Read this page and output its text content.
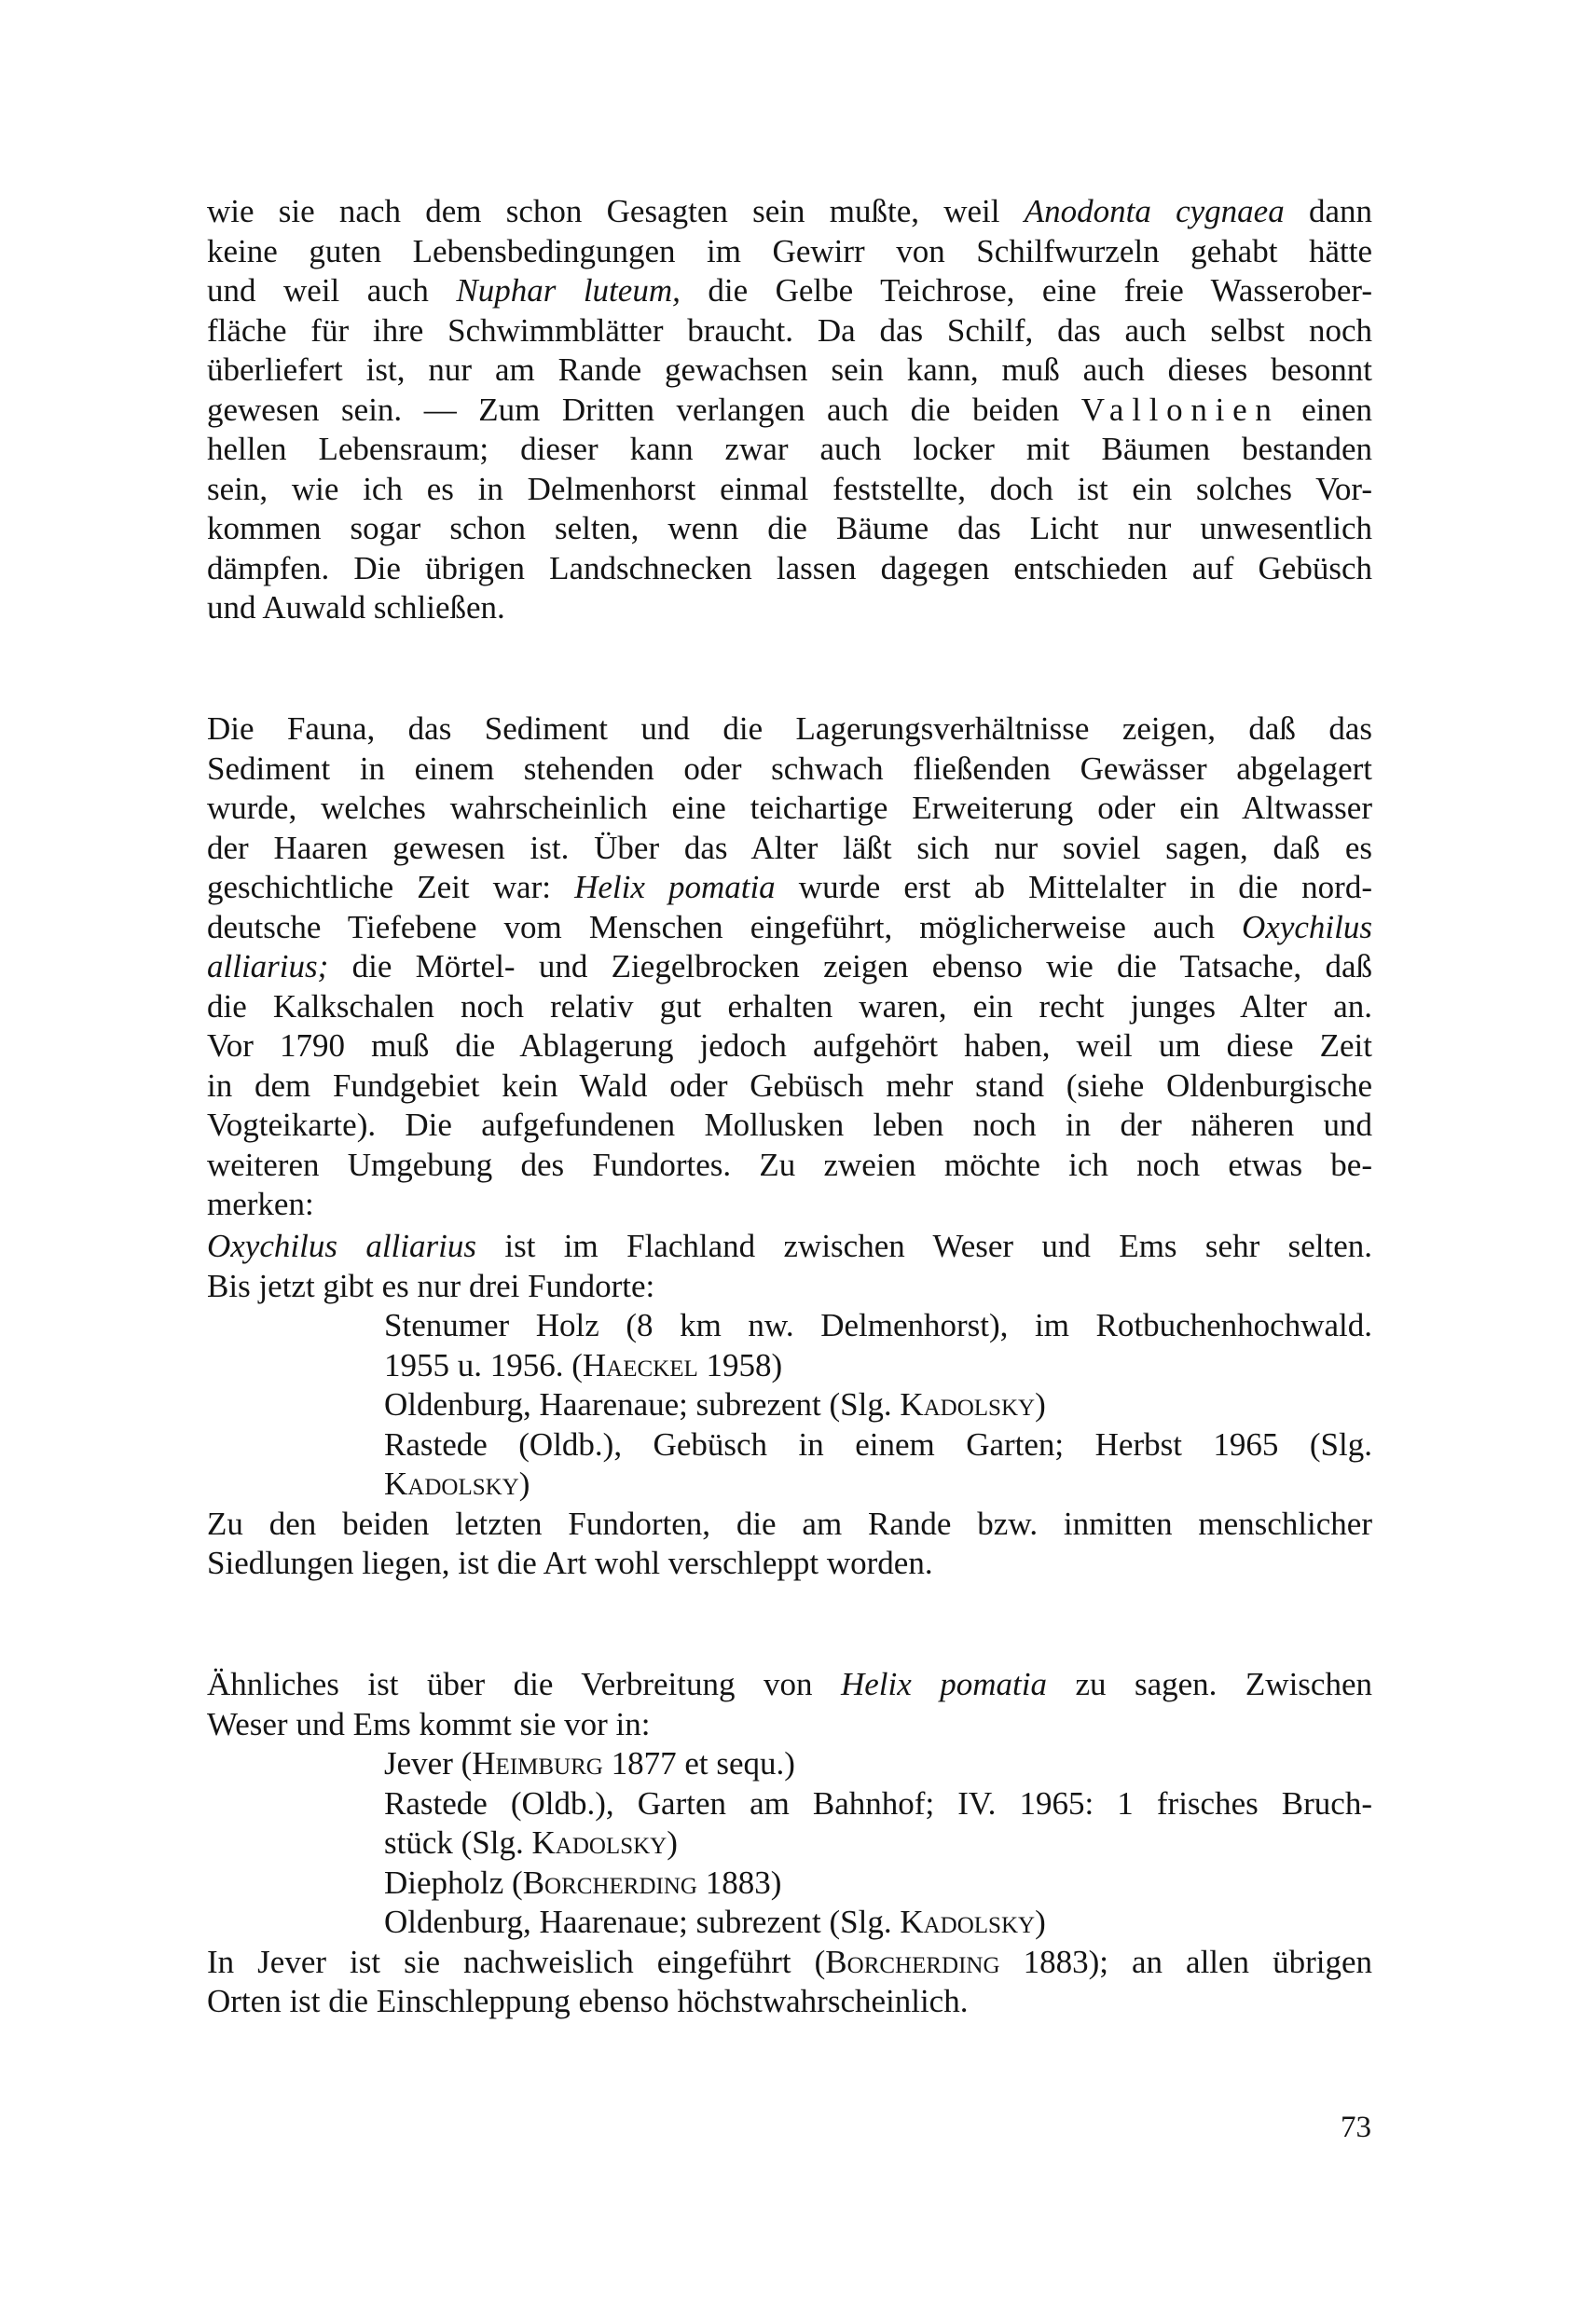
wie sie nach dem schon Gesagten sein mußte, weil Anodonta cygnaea dann
keine guten Lebensbedingungen im Gewirr von Schilfwurzeln gehabt hätte
und weil auch Nuphar luteum, die Gelbe Teichrose, eine freie Wasserober-
fläche für ihre Schwimmblätter braucht. Da das Schilf, das auch selbst noch
überliefert ist, nur am Rande gewachsen sein kann, muß auch dieses besonnt
gewesen sein. — Zum Dritten verlangen auch die beiden Vallonien einen
hellen Lebensraum; dieser kann zwar auch locker mit Bäumen bestanden
sein, wie ich es in Delmenhorst einmal feststellte, doch ist ein solches Vor-
kommen sogar schon selten, wenn die Bäume das Licht nur unwesentlich
dämpfen. Die übrigen Landschnecken lassen dagegen entschieden auf Gebüsch
und Auwald schließen.
Die Fauna, das Sediment und die Lagerungsverhältnisse zeigen, daß das
Sediment in einem stehenden oder schwach fließenden Gewässer abgelagert
wurde, welches wahrscheinlich eine teichartige Erweiterung oder ein Altwasser
der Haaren gewesen ist. Über das Alter läßt sich nur soviel sagen, daß es
geschichtliche Zeit war: Helix pomatia wurde erst ab Mittelalter in die nord-
deutsche Tiefebene vom Menschen eingeführt, möglicherweise auch Oxychilus
alliarius; die Mörtel- und Ziegelbrocken zeigen ebenso wie die Tatsache, daß
die Kalkschalen noch relativ gut erhalten waren, ein recht junges Alter an.
Vor 1790 muß die Ablagerung jedoch aufgehört haben, weil um diese Zeit
in dem Fundgebiet kein Wald oder Gebüsch mehr stand (siehe Oldenburgische
Vogteikarte). Die aufgefundenen Mollusken leben noch in der näheren und
weiteren Umgebung des Fundortes. Zu zweien möchte ich noch etwas be-
merken:
Oxychilus alliarius ist im Flachland zwischen Weser und Ems sehr selten.
Bis jetzt gibt es nur drei Fundorte:
Stenumer Holz (8 km nw. Delmenhorst), im Rotbuchenhochwald.
1955 u. 1956. (Haeckel 1958)
Oldenburg, Haarenaue; subrezent (Slg. Kadolsky)
Rastede (Oldb.), Gebüsch in einem Garten; Herbst 1965 (Slg.
Kadolsky)
Zu den beiden letzten Fundorten, die am Rande bzw. inmitten menschlicher
Siedlungen liegen, ist die Art wohl verschleppt worden.
Ähnliches ist über die Verbreitung von Helix pomatia zu sagen. Zwischen
Weser und Ems kommt sie vor in:
Jever (Heimburg 1877 et sequ.)
Rastede (Oldb.), Garten am Bahnhof; IV. 1965: 1 frisches Bruch-
stück (Slg. Kadolsky)
Diepholz (Borcherding 1883)
Oldenburg, Haarenaue; subrezent (Slg. Kadolsky)
In Jever ist sie nachweislich eingeführt (Borcherding 1883); an allen übrigen
Orten ist die Einschleppung ebenso höchstwahrscheinlich.
73
